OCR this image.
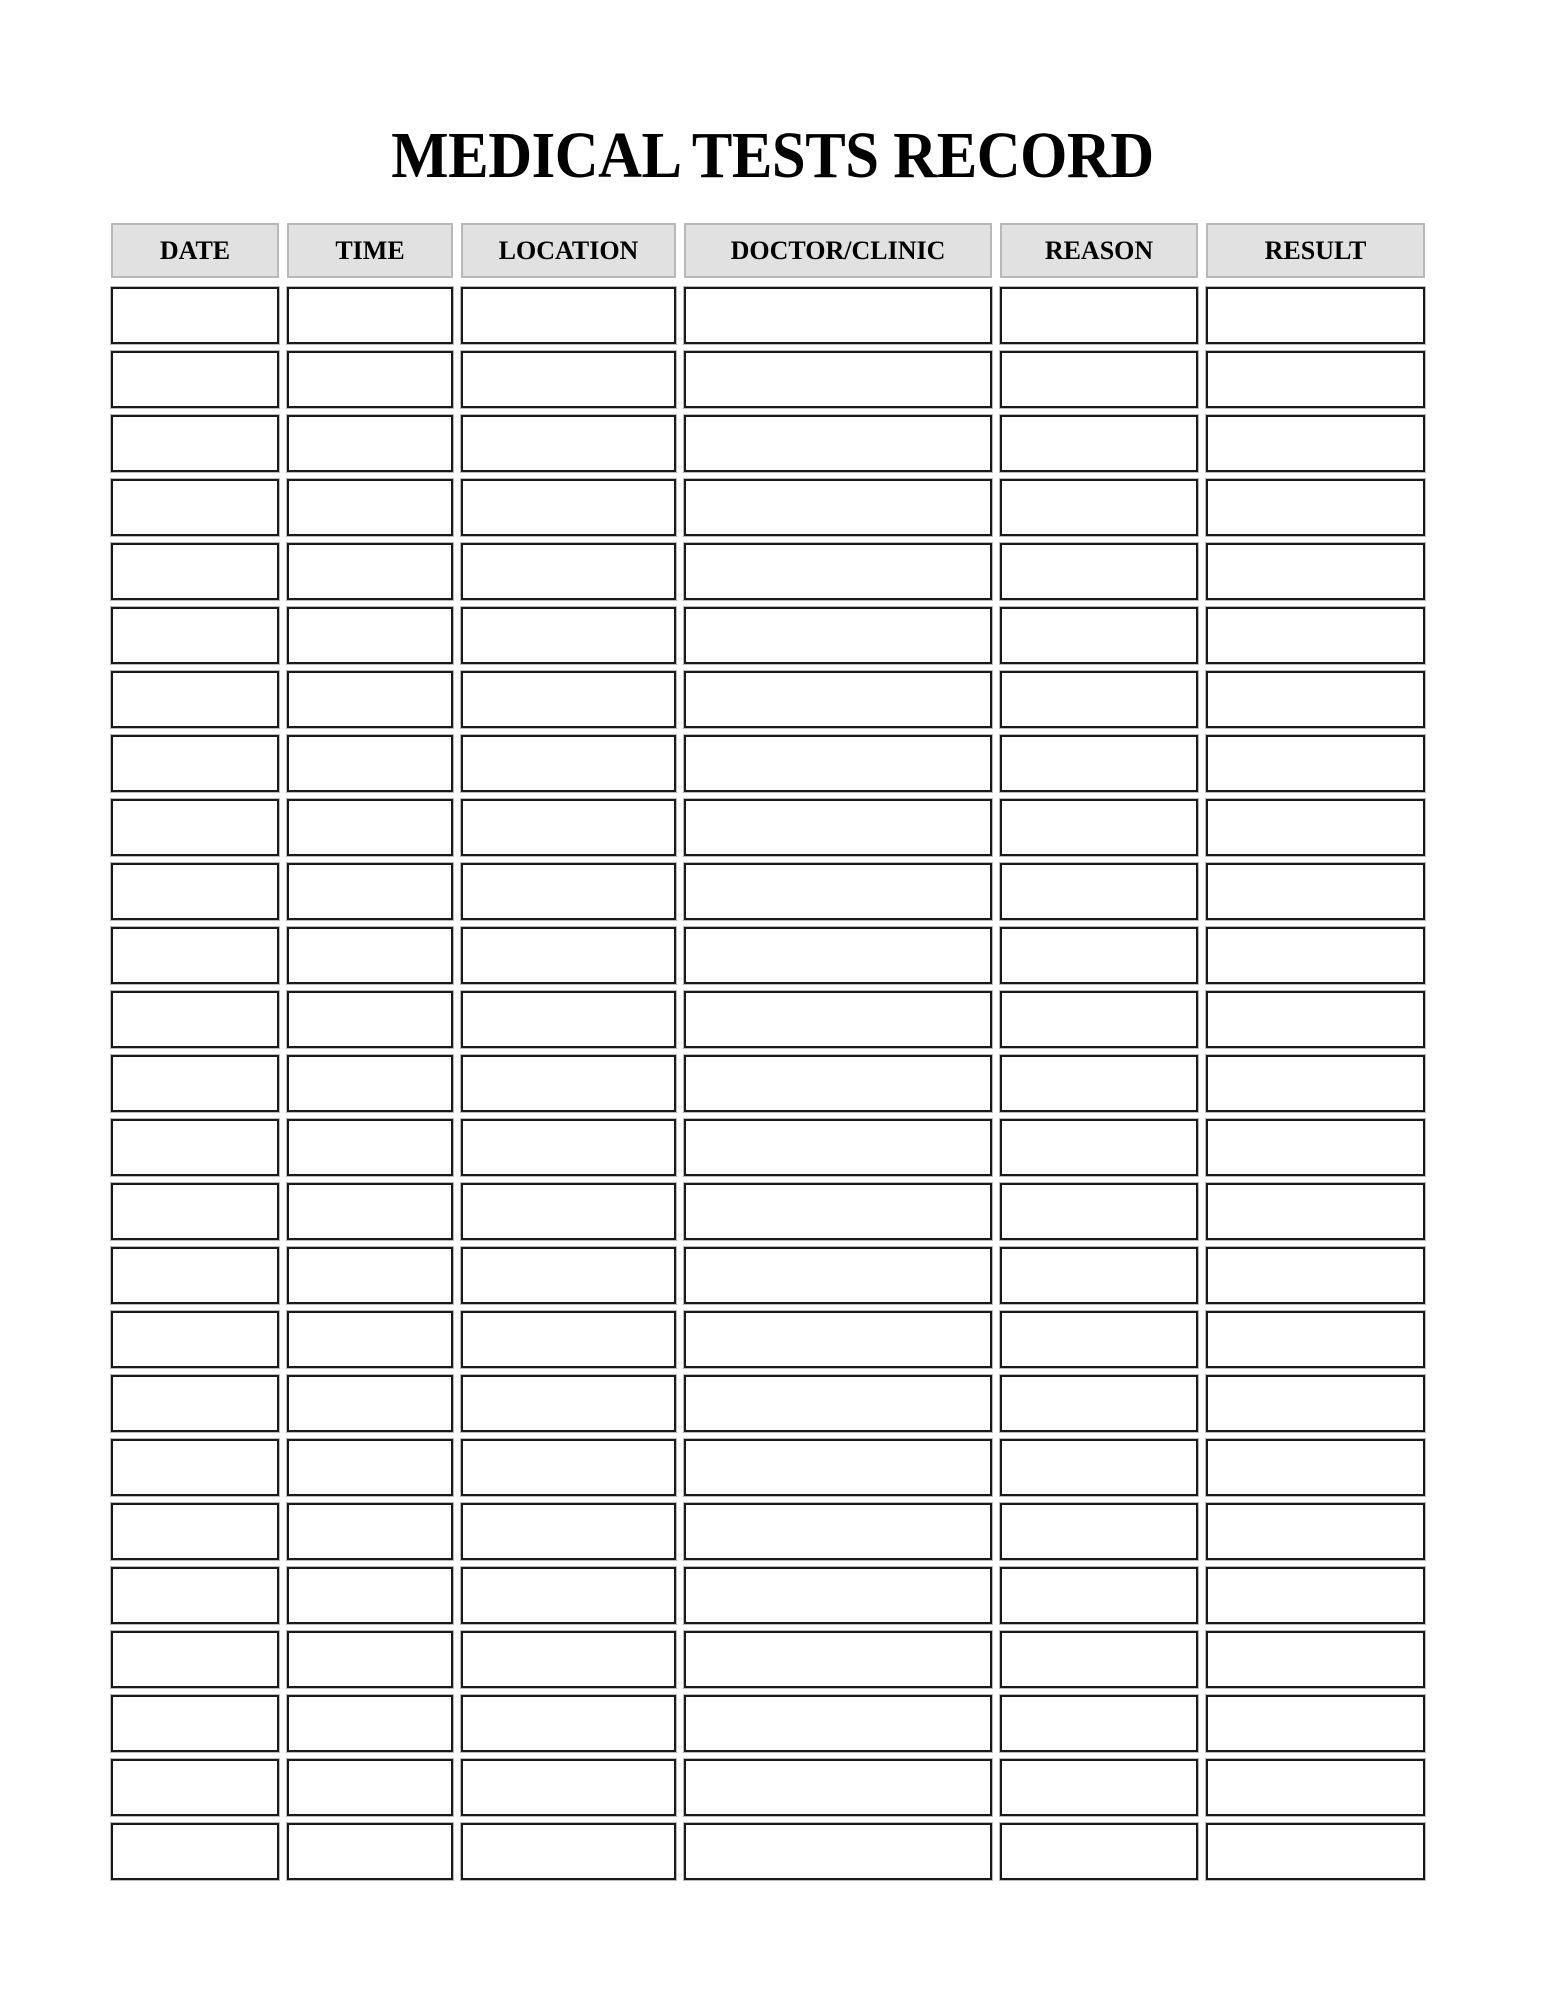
MEDICAL TESTS RECORD
DATE	TIME	LOCATION	DOCTOR/CLINIC	REASON	RESULT
